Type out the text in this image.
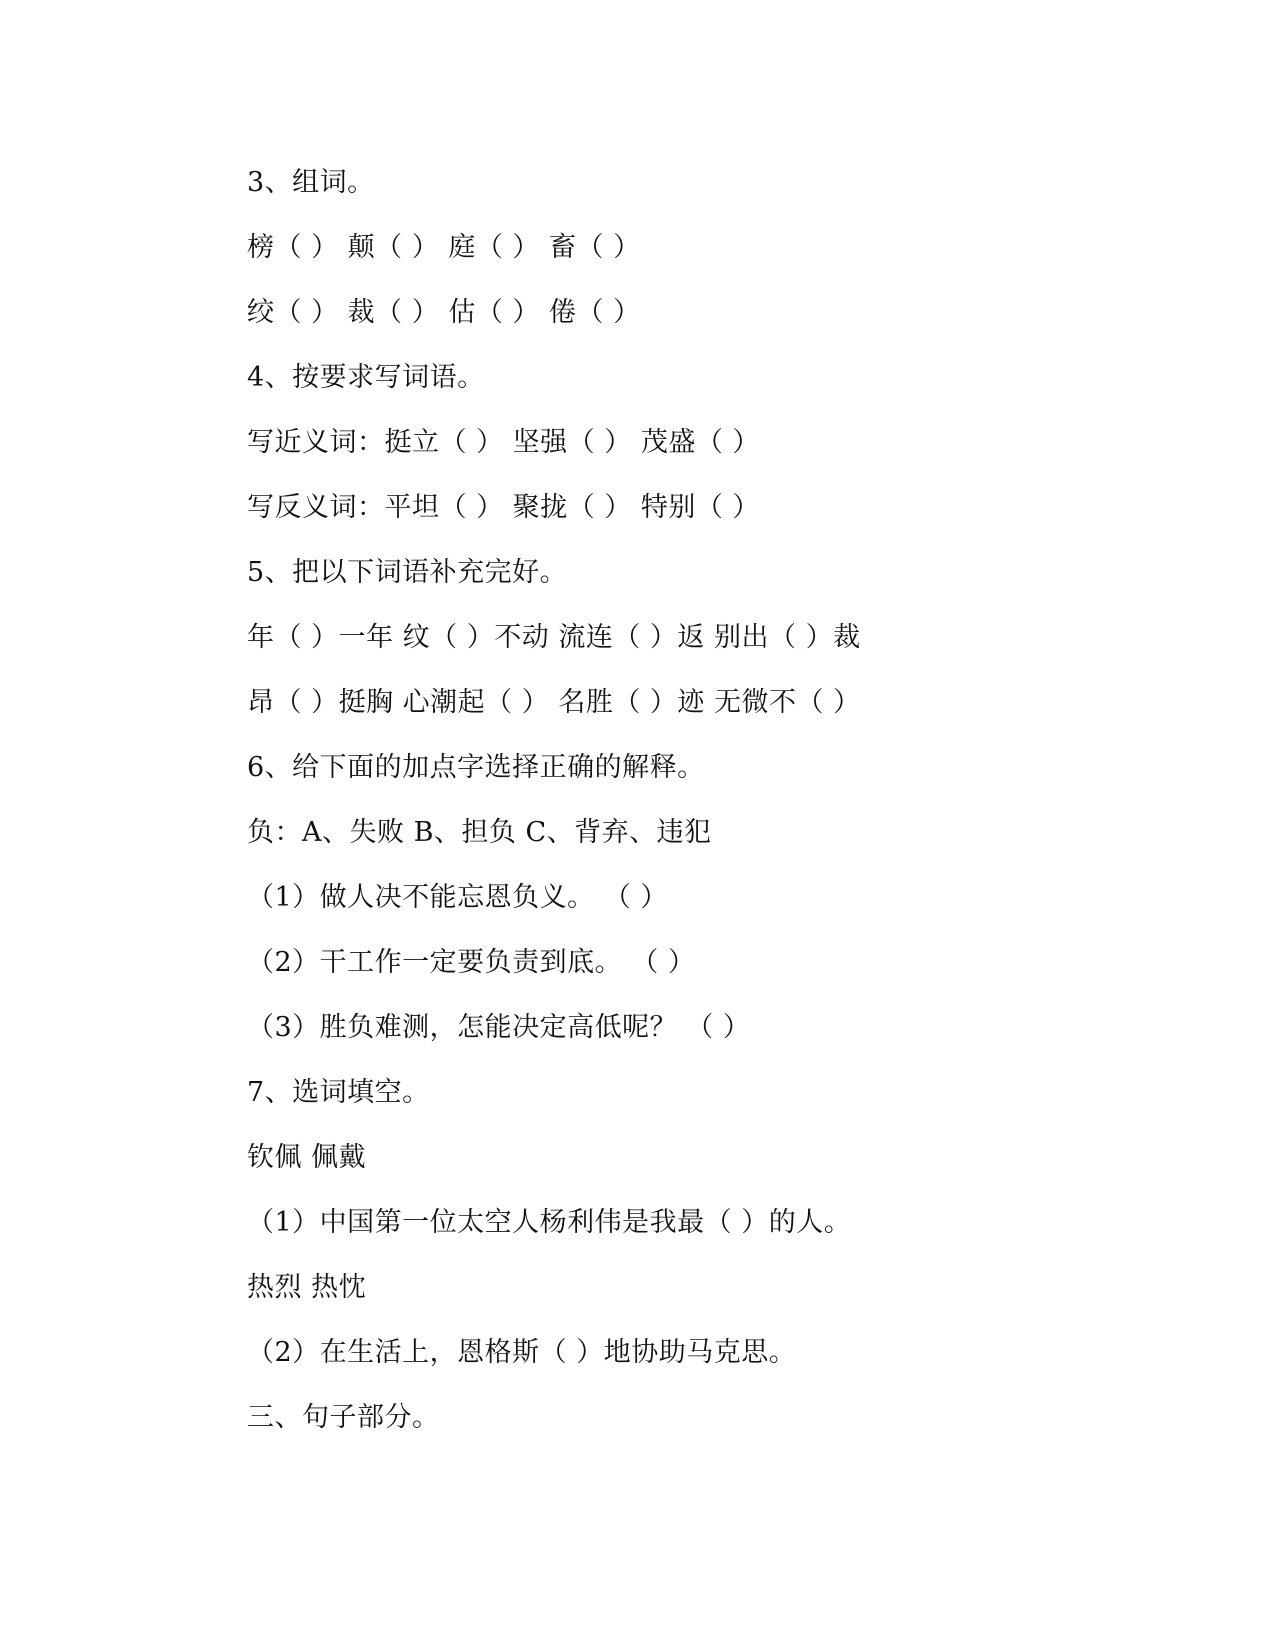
3、组词。
榜（ ） 颠（ ） 庭（ ） 畜（ ）
绞（ ） 裁（ ） 估（ ） 倦（ ）
4、按要求写词语。
写近义词：挺立（ ） 坚强（ ） 茂盛（ ）
写反义词：平坦（ ） 聚拢（ ） 特别（ ）
5、把以下词语补充完好。
年（ ）一年 纹（ ）不动 流连（ ）返 别出（ ）裁
昂（ ）挺胸 心潮起（ ） 名胜（ ）迹 无微不（ ）
6、给下面的加点字选择正确的解释。
负：A、失败 B、担负 C、背弃、违犯
（1）做人决不能忘恩负义。 （ ）
（2）干工作一定要负责到底。 （ ）
（3）胜负难测，怎能决定高低呢？ （ ）
7、选词填空。
钦佩 佩戴
（1）中国第一位太空人杨利伟是我最（ ）的人。
热烈 热忱
（2）在生活上，恩格斯（ ）地协助马克思。
三、句子部分。
